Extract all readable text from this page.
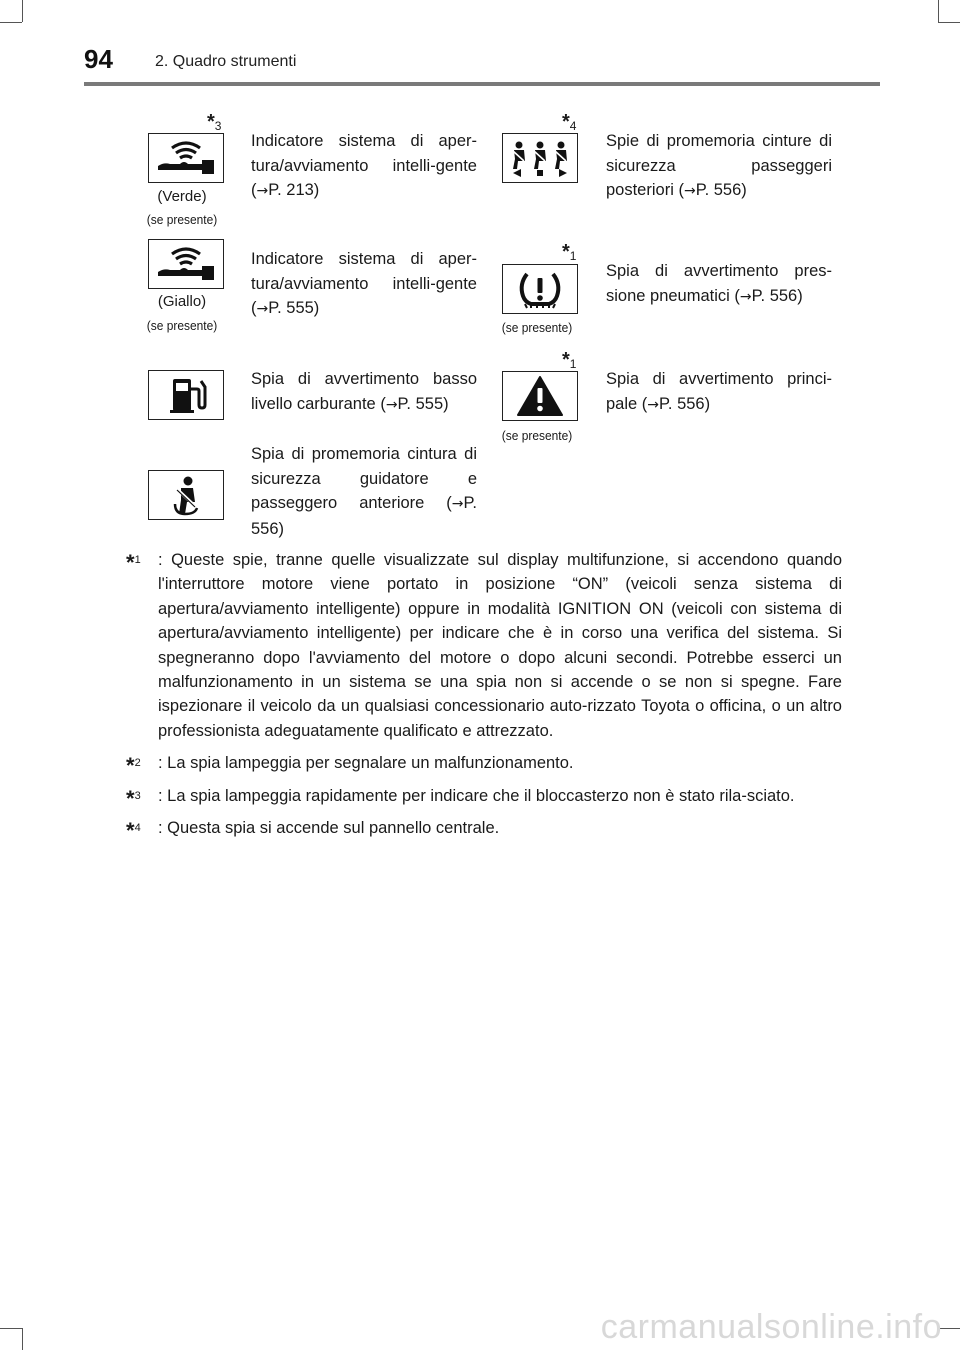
94	2. Quadro strumenti
$*_3$
(Verde)
(se presente)
Indicatore sistema di aper-tura/avviamento intelli-gente (→P. 213)
(Giallo)
(se presente)
Indicatore sistema di aper-tura/avviamento intelli-gente (→P. 555)
Spia di avvertimento basso livello carburante (→P. 555)
Spia di promemoria cintura di sicurezza guidatore e passeggero anteriore (→P. 556)
$*_4$
Spie di promemoria cinture di sicurezza passeggeri posteriori (→P. 556)
$*_1$
(se presente)
Spia di avvertimento pres-sione pneumatici (→P. 556)
$*_1$
(se presente)
Spia di avvertimento princi-pale (→P. 556)
$*_1$ : Queste spie, tranne quelle visualizzate sul display multifunzione, si accendono quando l'interruttore motore viene portato in posizione “ON” (veicoli senza sistema di apertura/avviamento intelligente) oppure in modalità IGNITION ON (veicoli con sistema di apertura/avviamento intelligente) per indicare che è in corso una verifica del sistema. Si spegneranno dopo l'avviamento del motore o dopo alcuni secondi. Potrebbe esserci un malfunzionamento in un sistema se una spia non si accende o se non si spegne. Fare ispezionare il veicolo da un qualsiasi concessionario auto-rizzato Toyota o officina, o un altro professionista adeguatamente qualificato e attrezzato.
$*_2$ : La spia lampeggia per segnalare un malfunzionamento.
$*_3$ : La spia lampeggia rapidamente per indicare che il bloccasterzo non è stato rila-sciato.
$*_4$ : Questa spia si accende sul pannello centrale.
carmanualsonline.info
